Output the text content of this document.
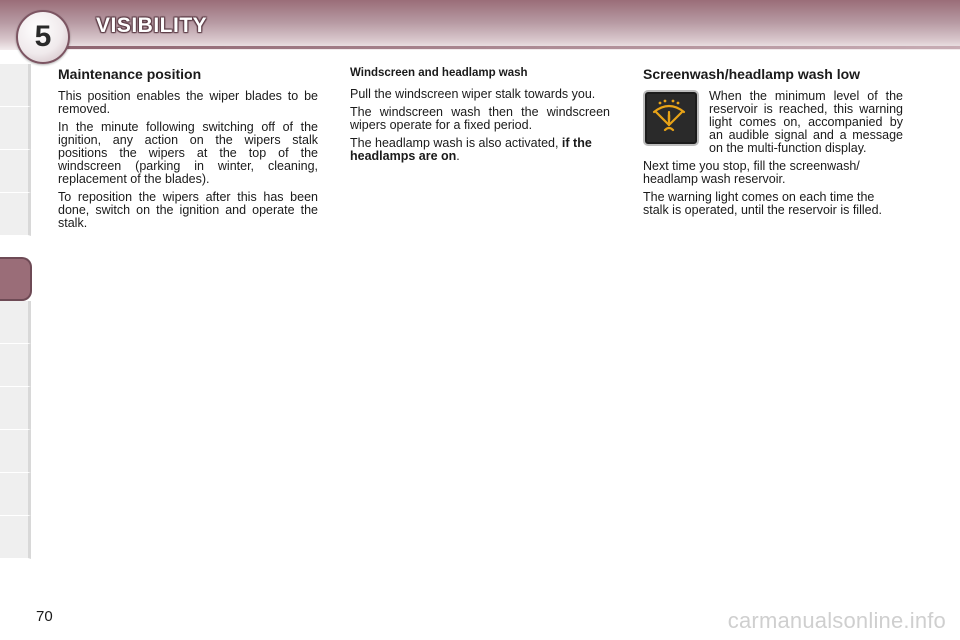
5 VISIBILITY
Maintenance position

This position enables the wiper blades to be removed.

In the minute following switching off of the ignition, any action on the wipers stalk positions the wipers at the top of the windscreen (parking in winter, cleaning, replacement of the blades).

To reposition the wipers after this has been done, switch on the ignition and operate the stalk.

Windscreen and headlamp wash

Pull the windscreen wiper stalk towards you.

The windscreen wash then the windscreen wipers operate for a fixed period.

The headlamp wash is also activated, if the headlamps are on.

Screenwash/headlamp wash low

When the minimum level of the reservoir is reached, this warning light comes on, accompanied by an audible signal and a message on the multi-function display.

Next time you stop, fill the screenwash/ headlamp wash reservoir.

The warning light comes on each time the stalk is operated, until the reservoir is filled.

70	carmanualsonline.info
